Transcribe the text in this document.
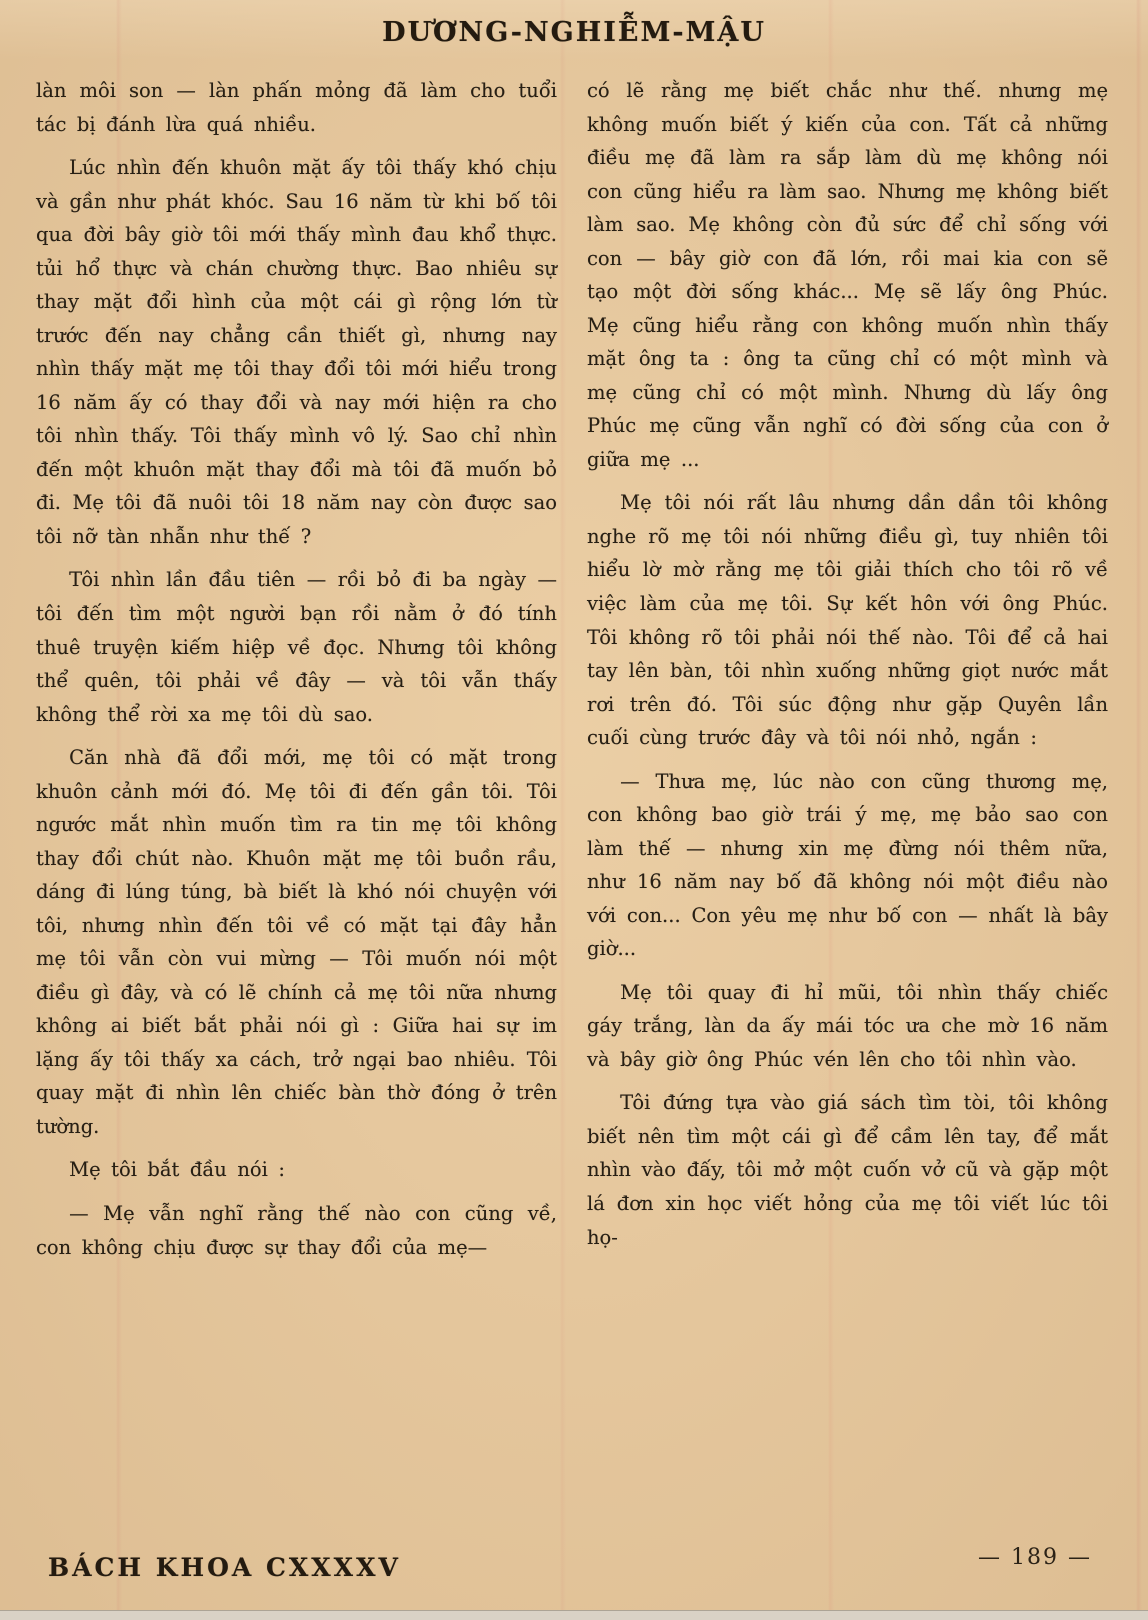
DƯƠNG-NGHIỄM-MẬU

làn môi son — làn phấn mỏng đã làm cho tuổi tác bị đánh lừa quá nhiều.

Lúc nhìn đến khuôn mặt ấy tôi thấy khó chịu và gần như phát khóc. Sau 16 năm từ khi bố tôi qua đời bây giờ tôi mới thấy mình đau khổ thực. tủi hổ thực và chán chường thực. Bao nhiêu sự thay mặt đổi hình của một cái gì rộng lớn từ trước đến nay chẳng cần thiết gì, nhưng nay nhìn thấy mặt mẹ tôi thay đổi tôi mới hiểu trong 16 năm ấy có thay đổi và nay mới hiện ra cho tôi nhìn thấy. Tôi thấy mình vô lý. Sao chỉ nhìn đến một khuôn mặt thay đổi mà tôi đã muốn bỏ đi. Mẹ tôi đã nuôi tôi 18 năm nay còn được sao tôi nỡ tàn nhẫn như thế ?

Tôi nhìn lần đầu tiên — rồi bỏ đi ba ngày — tôi đến tìm một người bạn rồi nằm ở đó tính thuê truyện kiếm hiệp về đọc. Nhưng tôi không thể quên, tôi phải về đây — và tôi vẫn thấy không thể rời xa mẹ tôi dù sao.

Căn nhà đã đổi mới, mẹ tôi có mặt trong khuôn cảnh mới đó. Mẹ tôi đi đến gần tôi. Tôi ngước mắt nhìn muốn tìm ra tin mẹ tôi không thay đổi chút nào. Khuôn mặt mẹ tôi buồn rầu, dáng đi lúng túng, bà biết là khó nói chuyện với tôi, nhưng nhìn đến tôi về có mặt tại đây hẳn mẹ tôi vẫn còn vui mừng — Tôi muốn nói một điều gì đây, và có lẽ chính cả mẹ tôi nữa nhưng không ai biết bắt phải nói gì : Giữa hai sự im lặng ấy tôi thấy xa cách, trở ngại bao nhiêu. Tôi quay mặt đi nhìn lên chiếc bàn thờ đóng ở trên tường.

Mẹ tôi bắt đầu nói :

— Mẹ vẫn nghĩ rằng thế nào con cũng về, con không chịu được sự thay đổi của mẹ—

có lẽ rằng mẹ biết chắc như thế. nhưng mẹ không muốn biết ý kiến của con. Tất cả những điều mẹ đã làm ra sắp làm dù mẹ không nói con cũng hiểu ra làm sao. Nhưng mẹ không biết làm sao. Mẹ không còn đủ sức để chỉ sống với con — bây giờ con đã lớn, rồi mai kia con sẽ tạo một đời sống khác... Mẹ sẽ lấy ông Phúc. Mẹ cũng hiểu rằng con không muốn nhìn thấy mặt ông ta : ông ta cũng chỉ có một mình và mẹ cũng chỉ có một mình. Nhưng dù lấy ông Phúc mẹ cũng vẫn nghĩ có đời sống của con ở giữa mẹ ...

Mẹ tôi nói rất lâu nhưng dần dần tôi không nghe rõ mẹ tôi nói những điều gì, tuy nhiên tôi hiểu lờ mờ rằng mẹ tôi giải thích cho tôi rõ về việc làm của mẹ tôi. Sự kết hôn với ông Phúc. Tôi không rõ tôi phải nói thế nào. Tôi để cả hai tay lên bàn, tôi nhìn xuống những giọt nước mắt rơi trên đó. Tôi súc động như gặp Quyên lần cuối cùng trước đây và tôi nói nhỏ, ngắn :

— Thưa mẹ, lúc nào con cũng thương mẹ, con không bao giờ trái ý mẹ, mẹ bảo sao con làm thế — nhưng xin mẹ đừng nói thêm nữa, như 16 năm nay bố đã không nói một điều nào với con... Con yêu mẹ như bố con — nhất là bây giờ...

Mẹ tôi quay đi hỉ mũi, tôi nhìn thấy chiếc gáy trắng, làn da ấy mái tóc ưa che mờ 16 năm và bây giờ ông Phúc vén lên cho tôi nhìn vào.

Tôi đứng tựa vào giá sách tìm tòi, tôi không biết nên tìm một cái gì để cầm lên tay, để mắt nhìn vào đấy, tôi mở một cuốn vở cũ và gặp một lá đơn xin học viết hỏng của mẹ tôi viết lúc tôi họ-

BÁCH KHOA CXXXXV	— 189 —
